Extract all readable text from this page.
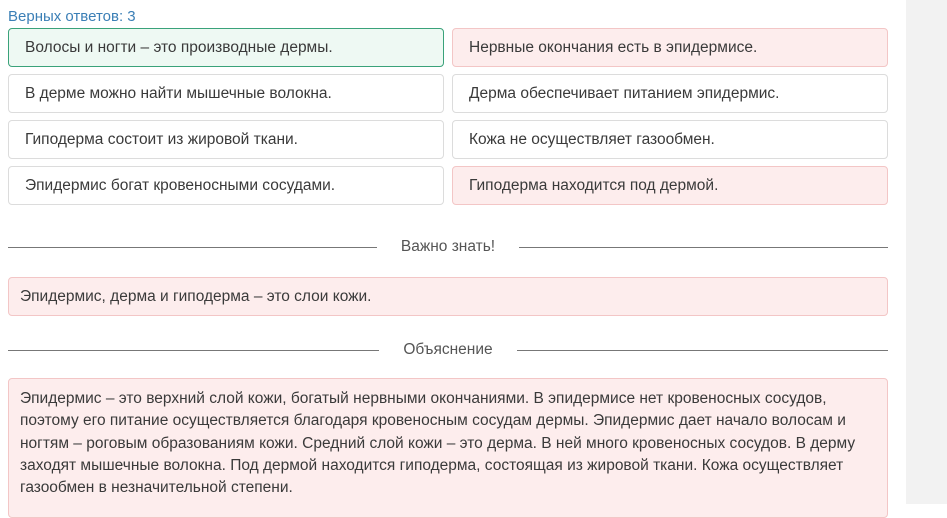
Верных ответов: 3
Волосы и ногти – это производные дермы.	Нервные окончания есть в эпидермисе.
В дерме можно найти мышечные волокна.	Дерма обеспечивает питанием эпидермис.
Гиподерма состоит из жировой ткани.	Кожа не осуществляет газообмен.
Эпидермис богат кровеносными сосудами.	Гиподерма находится под дермой.
Важно знать!
Эпидермис, дерма и гиподерма – это слои кожи.
Объяснение
Эпидермис – это верхний слой кожи, богатый нервными окончаниями. В эпидермисе нет кровеносных сосудов, поэтому его питание осуществляется благодаря кровеносным сосудам дермы. Эпидермис дает начало волосам и ногтям – роговым образованиям кожи. Средний слой кожи – это дерма. В ней много кровеносных сосудов. В дерму заходят мышечные волокна. Под дермой находится гиподерма, состоящая из жировой ткани. Кожа осуществляет газообмен в незначительной степени.
